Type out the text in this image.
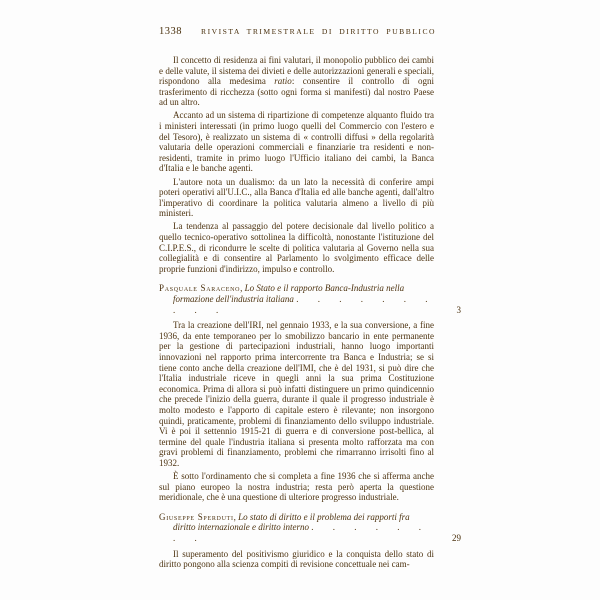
1338	RIVISTA TRIMESTRALE DI DIRITTO PUBBLICO

Il concetto di residenza ai fini valutari, il monopolio pubblico dei cambi e delle valute, il sistema dei divieti e delle autorizzazioni generali e speciali, rispondono alla medesima ratio: consentire il controllo di ogni trasferimento di ricchezza (sotto ogni forma si manifesti) dal nostro Paese ad un altro.

Accanto ad un sistema di ripartizione di competenze alquanto fluido tra i ministeri interessati (in primo luogo quelli del Commercio con l'estero e del Tesoro), è realizzato un sistema di « controlli diffusi » della regolarità valutaria delle operazioni commerciali e finanziarie tra residenti e non-residenti, tramite in primo luogo l'Ufficio italiano dei cambi, la Banca d'Italia e le banche agenti.

L'autore nota un dualismo: da un lato la necessità di conferire ampi poteri operativi all'U.I.C., alla Banca d'Italia ed alle banche agenti, dall'altro l'imperativo di coordinare la politica valutaria almeno a livello di più ministeri.

La tendenza al passaggio del potere decisionale dal livello politico a quello tecnico-operativo sottolinea la difficoltà, nonostante l'istituzione del C.I.P.E.S., di ricondurre le scelte di politica valutaria al Governo nella sua collegialità e di consentire al Parlamento lo svolgimento efficace delle proprie funzioni d'indirizzo, impulso e controllo.

Pasquale Saraceno, Lo Stato e il rapporto Banca-Industria nella formazione dell'industria italiana . . . . . . . . . .	3

Tra la creazione dell'IRI, nel gennaio 1933, e la sua conversione, a fine 1936, da ente temporaneo per lo smobilizzo bancario in ente permanente per la gestione di partecipazioni industriali, hanno luogo importanti innovazioni nel rapporto prima intercorrente tra Banca e Industria; se si tiene conto anche della creazione dell'IMI, che è del 1931, si può dire che l'Italia industriale riceve in quegli anni la sua prima Costituzione economica. Prima di allora si può infatti distinguere un primo quindicennio che precede l'inizio della guerra, durante il quale il progresso industriale è molto modesto e l'apporto di capitale estero è rilevante; non insorgono quindi, praticamente, problemi di finanziamento dello sviluppo industriale. Vi è poi il settennio 1915-21 di guerra e di conversione post-bellica, al termine del quale l'industria italiana si presenta molto rafforzata ma con gravi problemi di finanziamento, problemi che rimarranno irrisolti fino al 1932.

È sotto l'ordinamento che si completa a fine 1936 che si afferma anche sul piano europeo la nostra industria; resta però aperta la questione meridionale, che è una questione di ulteriore progresso industriale.

Giuseppe Sperduti, Lo stato di diritto e il problema dei rapporti fra diritto internazionale e diritto interno . . . . . . . .	29

Il superamento del positivismo giuridico e la conquista dello stato di diritto pongono alla scienza compiti di revisione concettuale nei cam-
